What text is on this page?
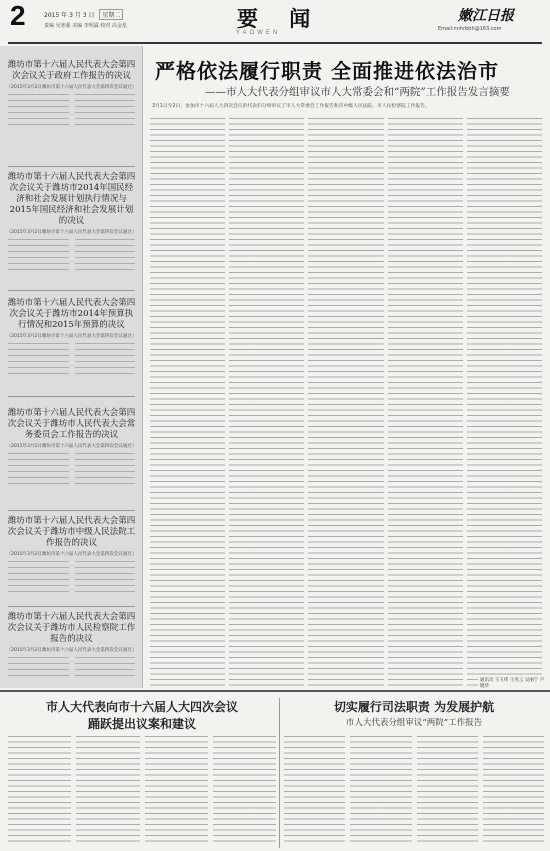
2	2015 年 3 月 3 日 星期二
责编 吴寒强 美编 李明霖 校对 高金星	要 闻
YAOWEN
嫩江日报
Email:nnhrbbh@163.com
潍坊市第十六届人民代表大会第四次会议关于政府工作报告的决议
（2015年3月2日潍坊市第十六届人民代表大会第四次会议通过）
潍坊市第十六届人民代表大会第四次会议关于潍坊市2014年国民经济和社会发展计划执行情况与2015年国民经济和社会发展计划的决议
（2015年3月2日潍坊市第十六届人民代表大会第四次会议通过）
潍坊市第十六届人民代表大会第四次会议关于潍坊市2014年预算执行情况和2015年预算的决议
（2015年3月2日潍坊市第十六届人民代表大会第四次会议通过）
潍坊市第十六届人民代表大会第四次会议关于潍坊市人民代表大会常务委员会工作报告的决议
（2015年3月2日潍坊市第十六届人民代表大会第四次会议通过）
潍坊市第十六届人民代表大会第四次会议关于潍坊市中级人民法院工作报告的决议
（2015年3月2日潍坊市第十六届人民代表大会第四次会议通过）
潍坊市第十六届人民代表大会第四次会议关于潍坊市人民检察院工作报告的决议
（2015年3月2日潍坊市第十六届人民代表大会第四次会议通过）
严格依法履行职责 全面推进依法治市
——市人大代表分组审议市人大常委会和“两院”工作报告发言摘要
3月1日至2日，参加市十六届人大四次会议的代表们分组审议了市人大常委会工作报告和市中级人民法院、市人民检察院工作报告。
通讯员 王玉伟 王兆云 吴丽宁 卢晓华
市人大代表向市十六届人大四次会议
踊跃提出议案和建议
切实履行司法职责 为发展护航
市人大代表分组审议“两院”工作报告
